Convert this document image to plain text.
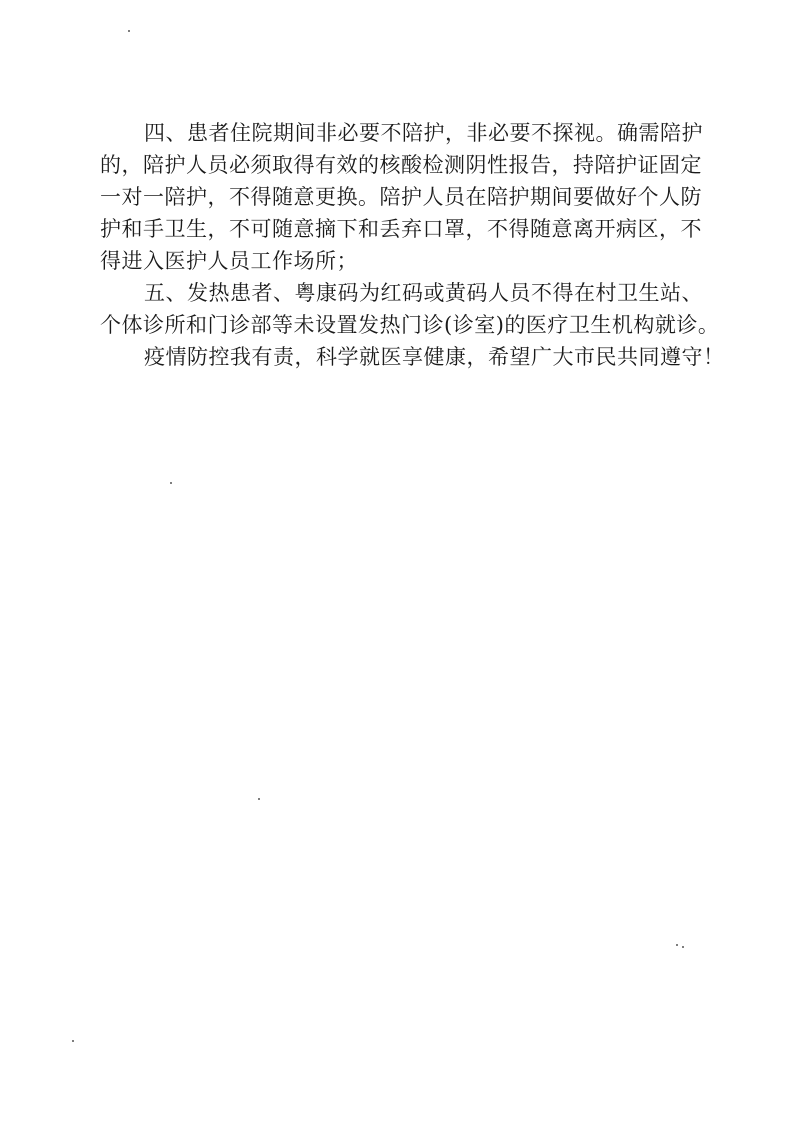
四、患者住院期间非必要不陪护，非必要不探视。确需陪护
的，陪护人员必须取得有效的核酸检测阴性报告，持陪护证固定
一对一陪护，不得随意更换。陪护人员在陪护期间要做好个人防
护和手卫生，不可随意摘下和丢弃口罩，不得随意离开病区，不
得进入医护人员工作场所；
五、发热患者、粤康码为红码或黄码人员不得在村卫生站、
个体诊所和门诊部等未设置发热门诊(诊室)的医疗卫生机构就诊。
疫情防控我有责，科学就医享健康，希望广大市民共同遵守！
